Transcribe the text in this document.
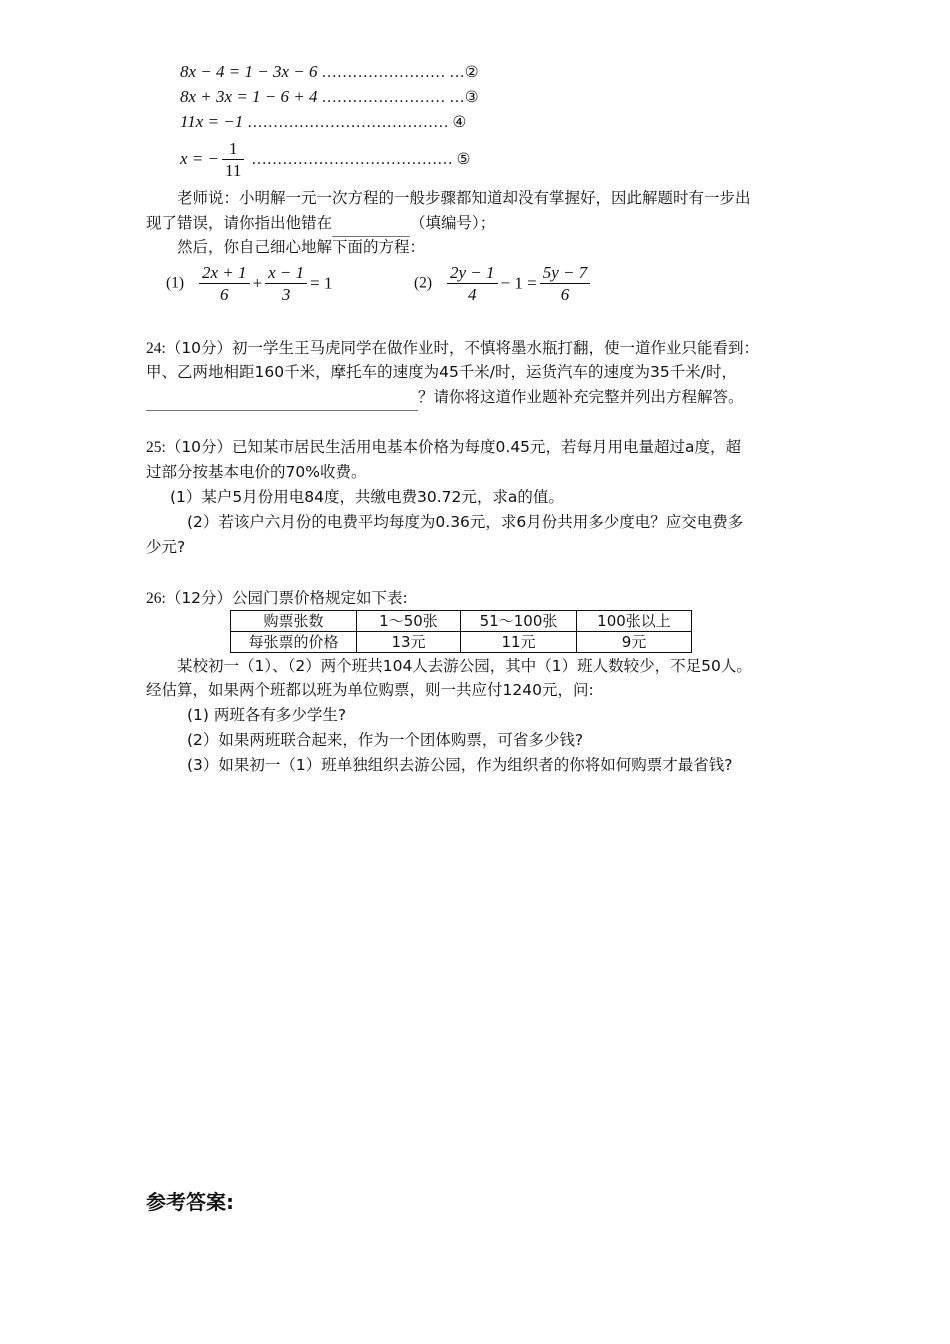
8x − 4 = 1 − 3x − 6 …………………… …②
8x + 3x = 1 − 6 + 4 …………………… …③
11x = −1 ………………………………… ④
x = − $\frac{1}{11}$ ………………………………… ⑤
老师说：小明解一元一次方程的一般步骤都知道却没有掌握好，因此解题时有一步出
现了错误，请你指出他错在	（填编号）；
然后，你自己细心地解下面的方程：
$(1) \frac{2x + 1}{6} + \frac{x - 1}{3} = 1$	$(2) \frac{2y - 1}{4} - 1 = \frac{5y - 7}{6}$
24:（10分）初一学生王马虎同学在做作业时，不慎将墨水瓶打翻，使一道作业只能看到：
甲、乙两地相距160千米，摩托车的速度为45千米/时，运货汽车的速度为35千米/时，
？请你将这道作业题补充完整并列出方程解答。
25:（10分）已知某市居民生活用电基本价格为每度0.45元，若每月用电量超过a度，超
过部分按基本电价的70%收费。
(1）某户5月份用电84度，共缴电费30.72元，求a的值。
(2）若该户六月份的电费平均每度为0.36元，求6月份共用多少度电？应交电费多
少元?
26:（12分）公园门票价格规定如下表:
购票张数	1～50张	51～100张	100张以上
每张票的价格	13元	11元	9元
某校初一（1）、（2）两个班共104人去游公园，其中（1）班人数较少，不足50人。
经估算，如果两个班都以班为单位购票，则一共应付1240元，问:
(1) 两班各有多少学生?
(2）如果两班联合起来，作为一个团体购票，可省多少钱?
(3）如果初一（1）班单独组织去游公园，作为组织者的你将如何购票才最省钱?
参考答案:
